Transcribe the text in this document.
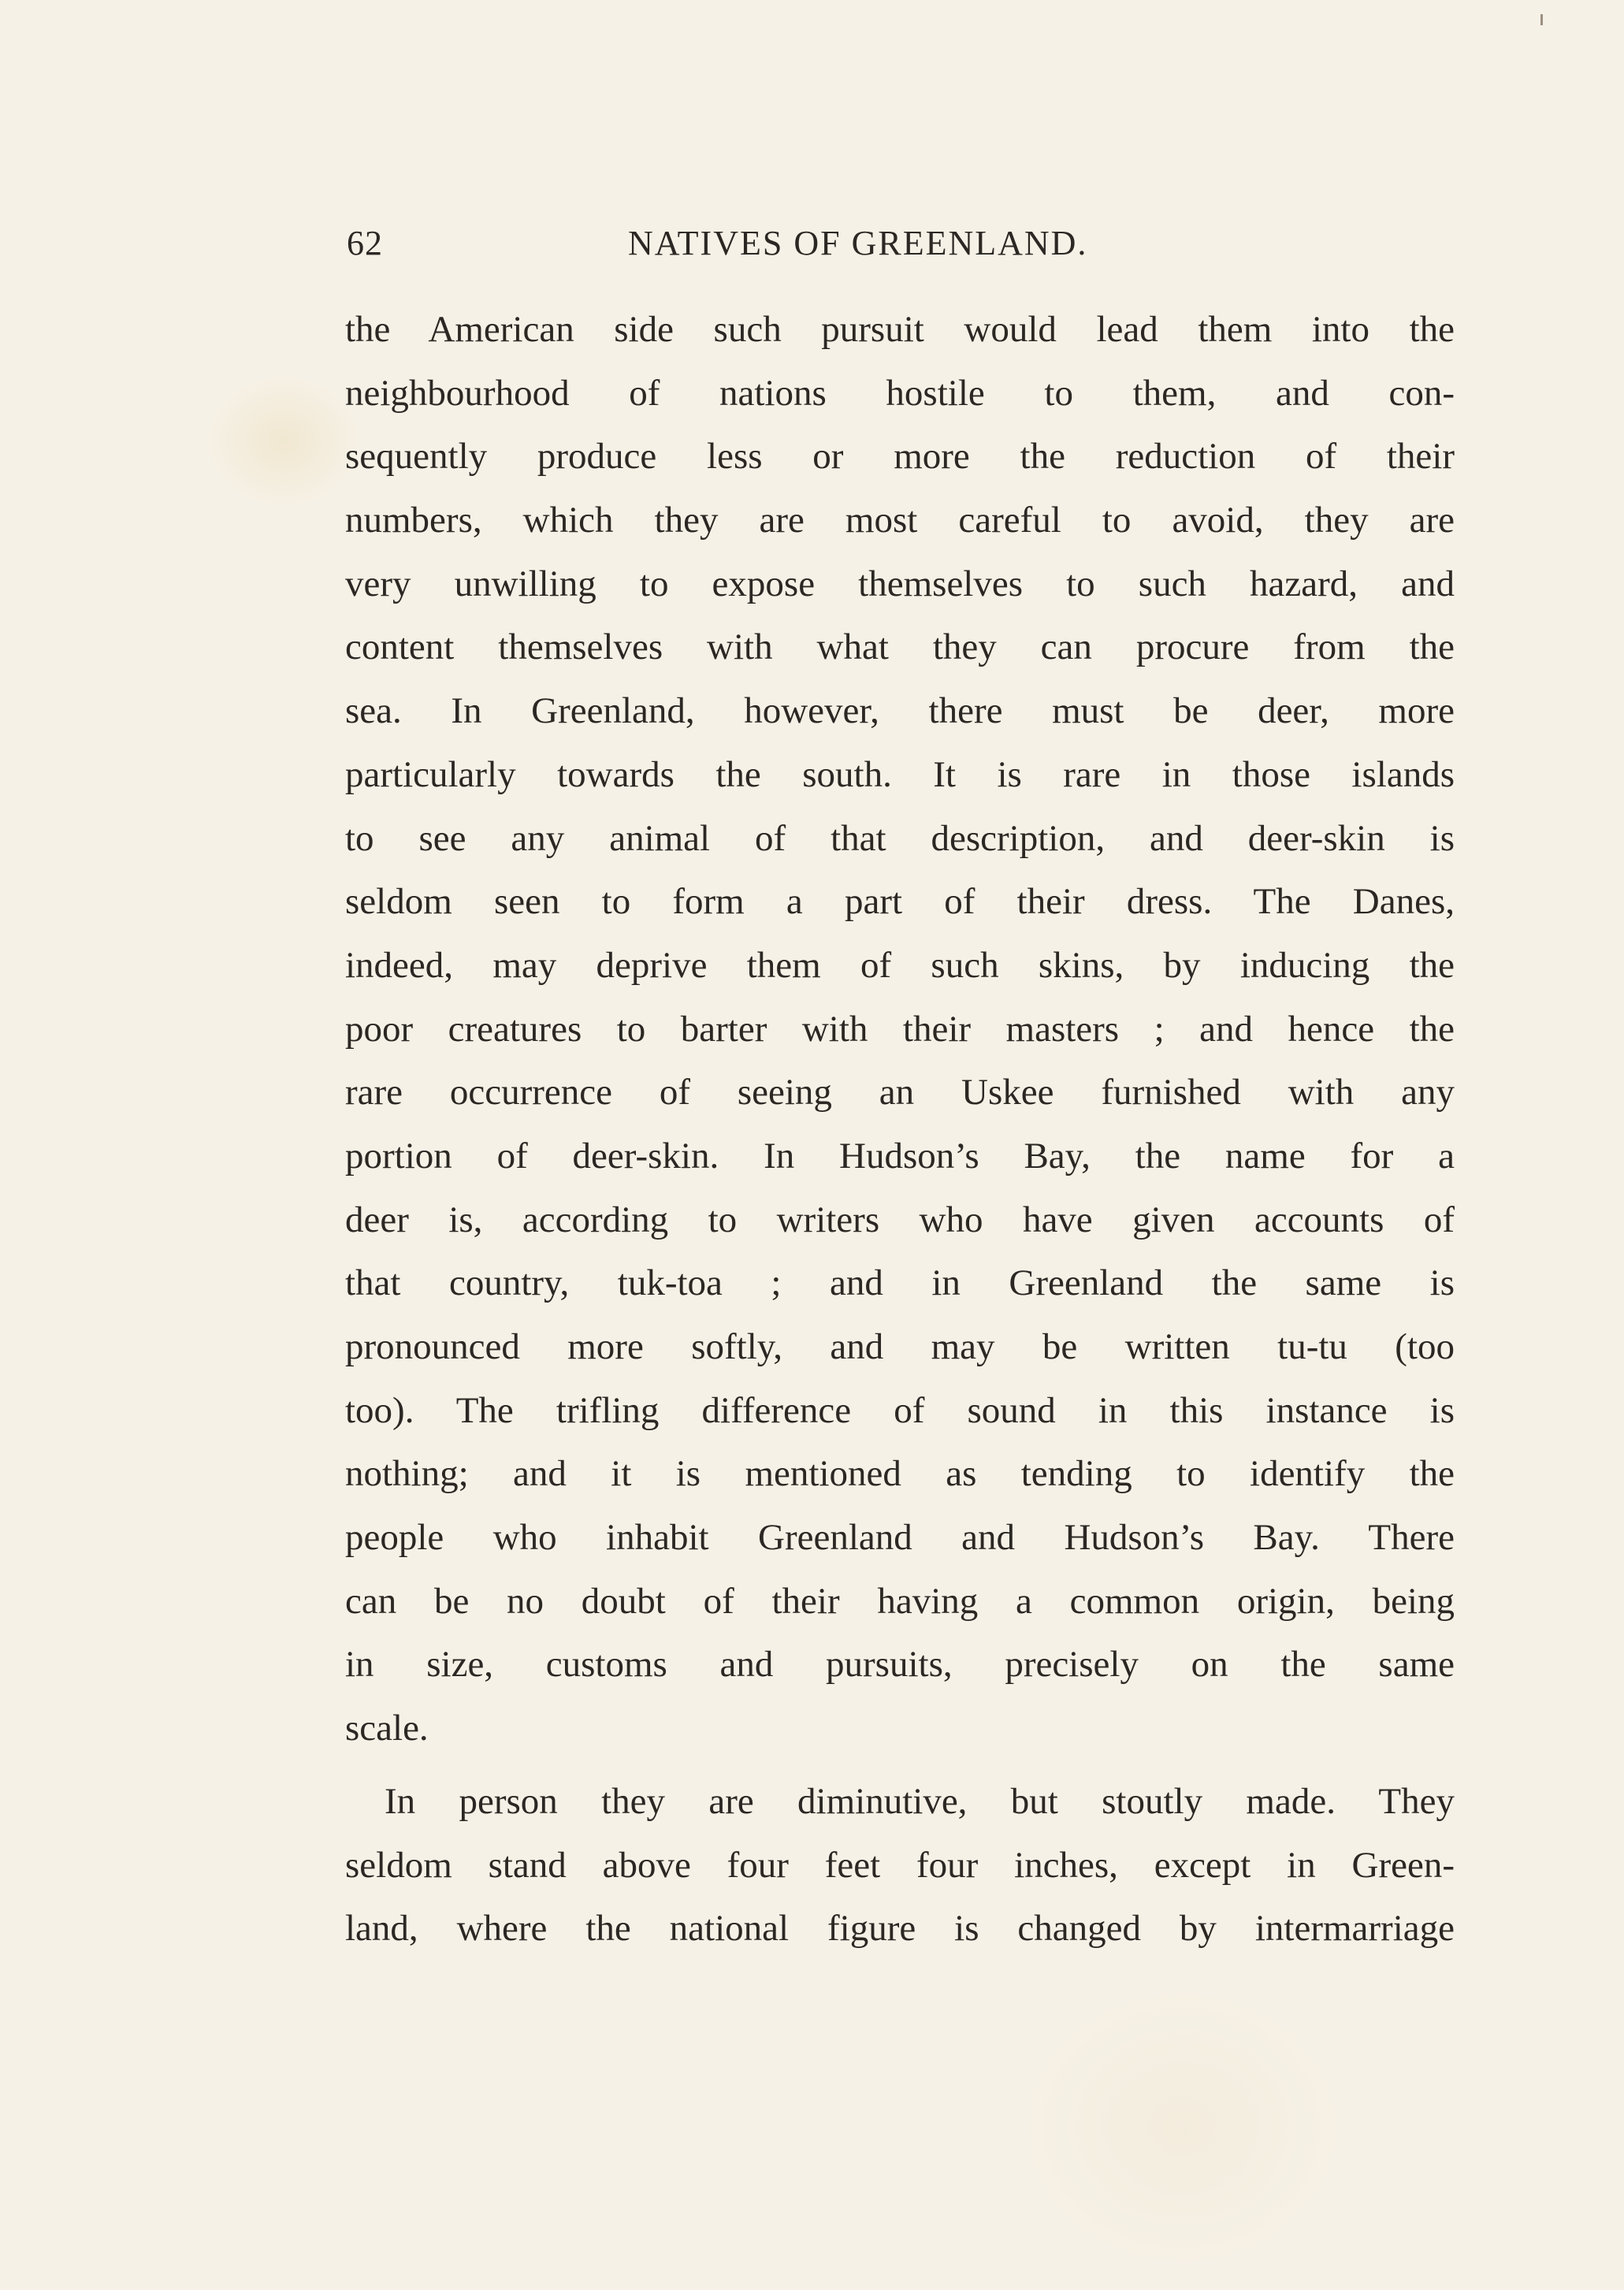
62	NATIVES OF GREENLAND.
the American side such pursuit would lead them into the
neighbourhood of nations hostile to them, and con-
sequently produce less or more the reduction of their
numbers, which they are most careful to avoid, they are
very unwilling to expose themselves to such hazard, and
content themselves with what they can procure from the
sea. In Greenland, however, there must be deer, more
particularly towards the south. It is rare in those islands
to see any animal of that description, and deer-skin is
seldom seen to form a part of their dress. The Danes,
indeed, may deprive them of such skins, by inducing the
poor creatures to barter with their masters ; and hence the
rare occurrence of seeing an Uskee furnished with any
portion of deer-skin. In Hudson’s Bay, the name for a
deer is, according to writers who have given accounts of
that country, tuk-toa ; and in Greenland the same is
pronounced more softly, and may be written tu-tu (too
too). The trifling difference of sound in this instance is
nothing; and it is mentioned as tending to identify the
people who inhabit Greenland and Hudson’s Bay. There
can be no doubt of their having a common origin, being
in size, customs and pursuits, precisely on the same
scale.
In person they are diminutive, but stoutly made. They
seldom stand above four feet four inches, except in Green-
land, where the national figure is changed by intermarriage
